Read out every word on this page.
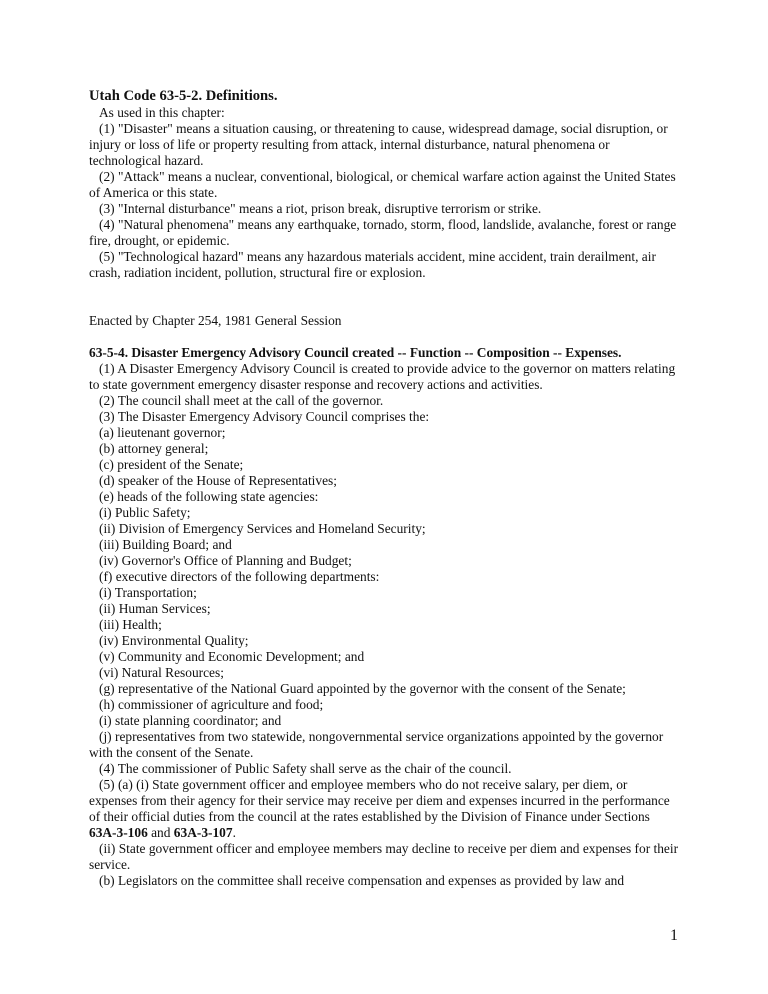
Utah Code 63-5-2. Definitions.

As used in this chapter:

(1) "Disaster" means a situation causing, or threatening to cause, widespread damage, social disruption, or injury or loss of life or property resulting from attack, internal disturbance, natural phenomena or technological hazard.

(2) "Attack" means a nuclear, conventional, biological, or chemical warfare action against the United States of America or this state.

(3) "Internal disturbance" means a riot, prison break, disruptive terrorism or strike.

(4) "Natural phenomena" means any earthquake, tornado, storm, flood, landslide, avalanche, forest or range fire, drought, or epidemic.

(5) "Technological hazard" means any hazardous materials accident, mine accident, train derailment, air crash, radiation incident, pollution, structural fire or explosion.

Enacted by Chapter 254, 1981 General Session

63-5-4. Disaster Emergency Advisory Council created -- Function -- Composition -- Expenses.

(1) A Disaster Emergency Advisory Council is created to provide advice to the governor on matters relating to state government emergency disaster response and recovery actions and activities.

(2) The council shall meet at the call of the governor.

(3) The Disaster Emergency Advisory Council comprises the:

(a) lieutenant governor;

(b) attorney general;

(c) president of the Senate;

(d) speaker of the House of Representatives;

(e) heads of the following state agencies:

(i) Public Safety;

(ii) Division of Emergency Services and Homeland Security;

(iii) Building Board; and

(iv) Governor's Office of Planning and Budget;

(f) executive directors of the following departments:

(i) Transportation;

(ii) Human Services;

(iii) Health;

(iv) Environmental Quality;

(v) Community and Economic Development; and

(vi) Natural Resources;

(g) representative of the National Guard appointed by the governor with the consent of the Senate;

(h) commissioner of agriculture and food;

(i) state planning coordinator; and

(j) representatives from two statewide, nongovernmental service organizations appointed by the governor with the consent of the Senate.

(4) The commissioner of Public Safety shall serve as the chair of the council.

(5) (a) (i) State government officer and employee members who do not receive salary, per diem, or expenses from their agency for their service may receive per diem and expenses incurred in the performance of their official duties from the council at the rates established by the Division of Finance under Sections 63A-3-106 and 63A-3-107.

(ii) State government officer and employee members may decline to receive per diem and expenses for their service.

(b) Legislators on the committee shall receive compensation and expenses as provided by law and

1
